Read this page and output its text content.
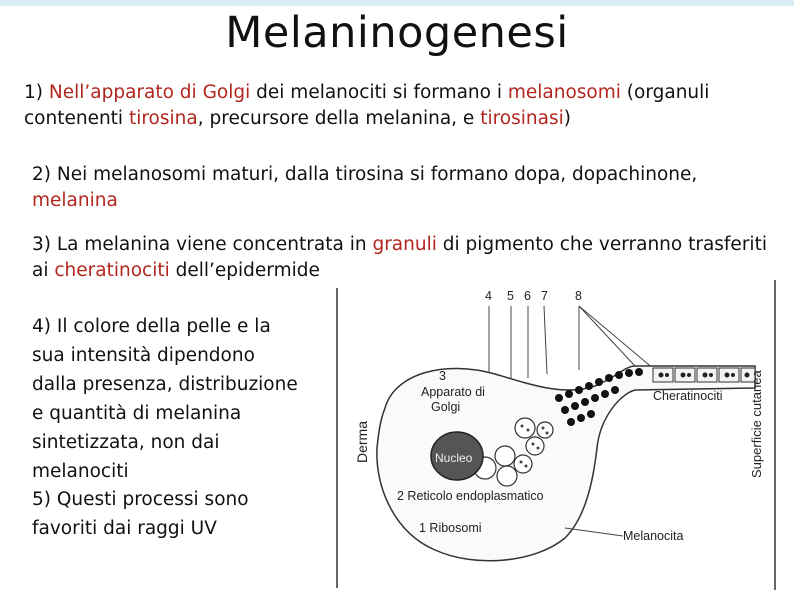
Melaninogenesi
1) Nell’apparato di Golgi dei melanociti si formano i melanosomi (organuli contenenti tirosina, precursore della melanina, e tirosinasi)
2) Nei melanosomi maturi, dalla tirosina si formano dopa, dopachinone, melanina
3) La melanina viene concentrata in granuli di pigmento che verranno trasferiti ai cheratinociti dell’epidermide
4) Il colore della pelle e la sua intensità dipendono dalla presenza, distribuzione e quantità di melanina sintetizzata, non dai melanociti
5) Questi processi sono favoriti dai raggi UV
4 5 6 7 8
Nucleo
3
Apparato di
Golgi
Cheratinociti
Derma	Superficie cutanea
2 Reticolo endoplasmatico
1 Ribosomi
Melanocita
